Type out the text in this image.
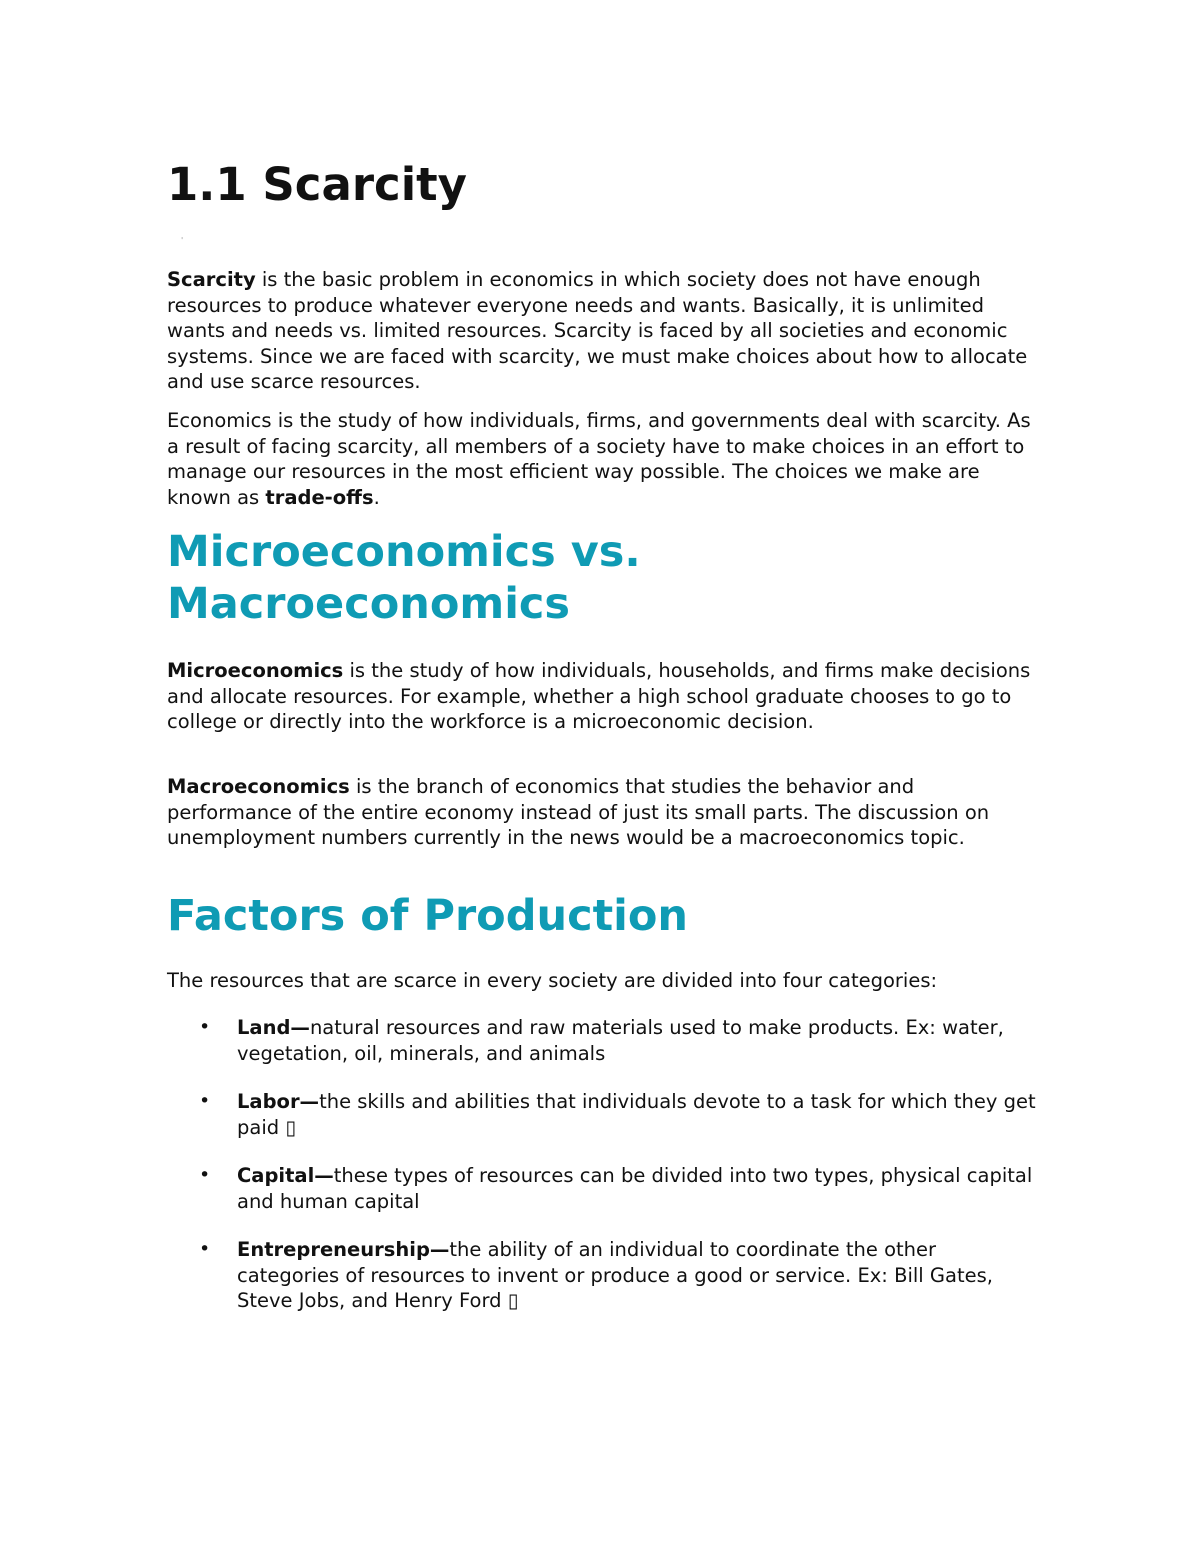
1.1 Scarcity
'

Scarcity is the basic problem in economics in which society does not have enough resources to produce whatever everyone needs and wants. Basically, it is unlimited wants and needs vs. limited resources. Scarcity is faced by all societies and economic systems. Since we are faced with scarcity, we must make choices about how to allocate and use scarce resources.

Economics is the study of how individuals, firms, and governments deal with scarcity. As a result of facing scarcity, all members of a society have to make choices in an effort to manage our resources in the most efficient way possible. The choices we make are known as trade-offs.

Microeconomics vs.
Macroeconomics

Microeconomics is the study of how individuals, households, and firms make decisions and allocate resources. For example, whether a high school graduate chooses to go to college or directly into the workforce is a microeconomic decision.

Macroeconomics is the branch of economics that studies the behavior and performance of the entire economy instead of just its small parts. The discussion on unemployment numbers currently in the news would be a macroeconomics topic.

Factors of Production

The resources that are scarce in every society are divided into four categories:

• Land—natural resources and raw materials used to make products. Ex: water, vegetation, oil, minerals, and animals
• Labor—the skills and abilities that individuals devote to a task for which they get paid ▯
• Capital—these types of resources can be divided into two types, physical capital and human capital
• Entrepreneurship—the ability of an individual to coordinate the other categories of resources to invent or produce a good or service. Ex: Bill Gates, Steve Jobs, and Henry Ford ▯
